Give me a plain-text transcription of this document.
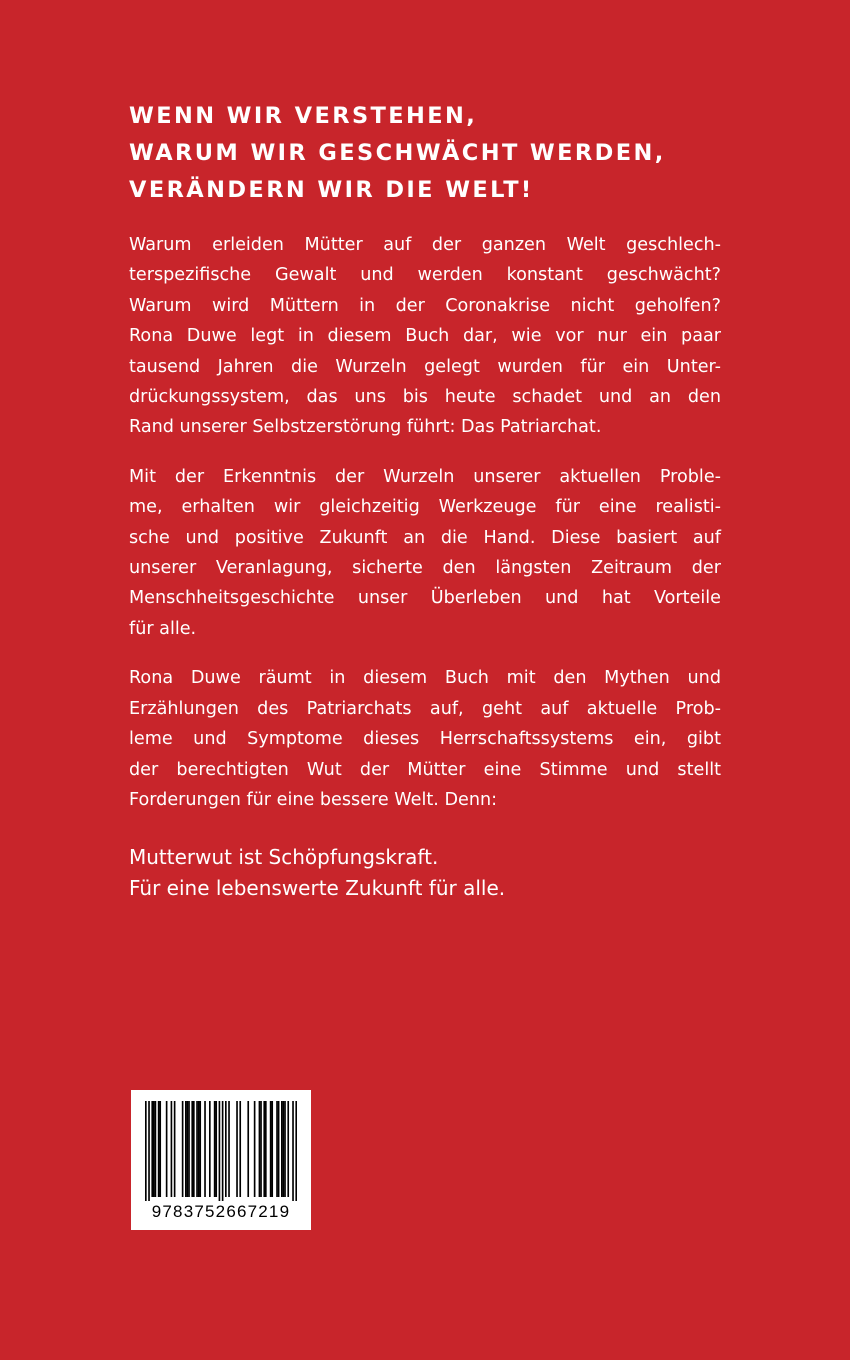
WENN WIR VERSTEHEN,
WARUM WIR GESCHWÄCHT WERDEN,
VERÄNDERN WIR DIE WELT!

Warum erleiden Mütter auf der ganzen Welt geschlech-
terspezifische Gewalt und werden konstant geschwächt?
Warum wird Müttern in der Coronakrise nicht geholfen?
Rona Duwe legt in diesem Buch dar, wie vor nur ein paar
tausend Jahren die Wurzeln gelegt wurden für ein Unter-
drückungssystem, das uns bis heute schadet und an den
Rand unserer Selbstzerstörung führt: Das Patriarchat.

Mit der Erkenntnis der Wurzeln unserer aktuellen Proble-
me, erhalten wir gleichzeitig Werkzeuge für eine realisti-
sche und positive Zukunft an die Hand. Diese basiert auf
unserer Veranlagung, sicherte den längsten Zeitraum der
Menschheitsgeschichte unser Überleben und hat Vorteile
für alle.

Rona Duwe räumt in diesem Buch mit den Mythen und
Erzählungen des Patriarchats auf, geht auf aktuelle Prob-
leme und Symptome dieses Herrschaftssystems ein, gibt
der berechtigten Wut der Mütter eine Stimme und stellt
Forderungen für eine bessere Welt. Denn:

Mutterwut ist Schöpfungskraft.
Für eine lebenswerte Zukunft für alle.
9783752667219
